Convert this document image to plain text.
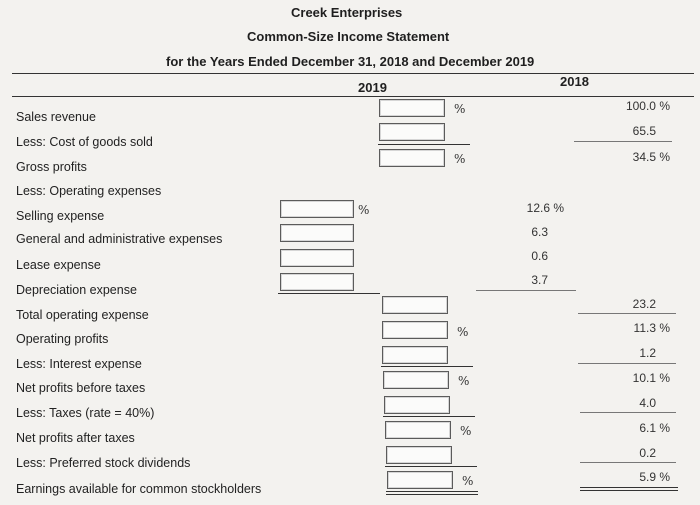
Creek Enterprises
Common-Size Income Statement
for the Years Ended December 31, 2018 and December 2019
2019	2018
Sales revenue
Less: Cost of goods sold
Gross profits
Less: Operating expenses
Selling expense
General and administrative expenses
Lease expense
Depreciation expense
Total operating expense
Operating profits
Less: Interest expense
Net profits before taxes
Less: Taxes (rate = 40%)
Net profits after taxes
Less: Preferred stock dividends
Earnings available for common stockholders
%
%
%
%
%
%
%
100.0 %
65.5
34.5 %
12.6 %
6.3
0.6
3.7
23.2
11.3 %
1.2
10.1 %
4.0
6.1 %
0.2
5.9 %
